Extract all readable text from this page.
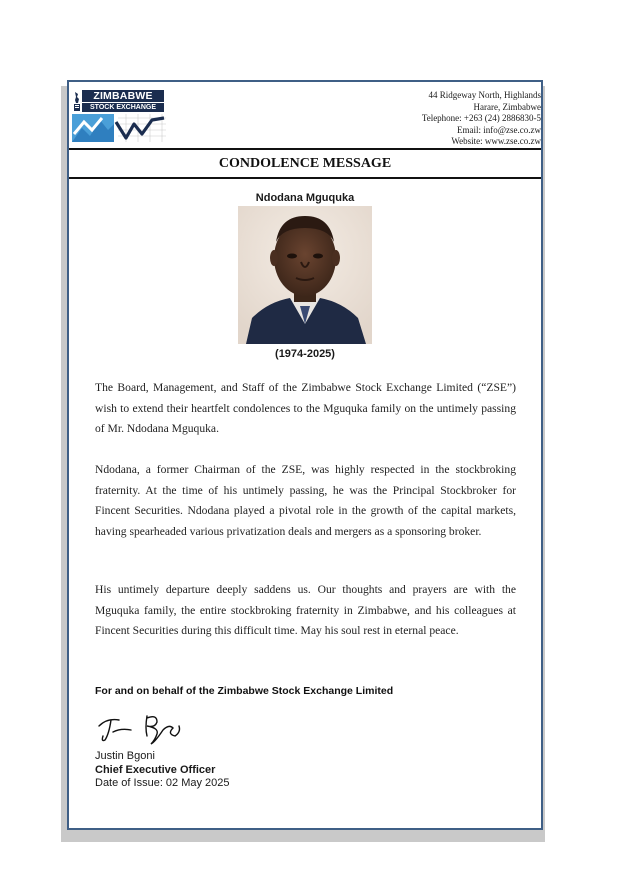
ZIMBABWE
STOCK EXCHANGE
44 Ridgeway North, Highlands
Harare, Zimbabwe
Telephone: +263 (24) 2886830-5
Email: info@zse.co.zw
Website: www.zse.co.zw
CONDOLENCE MESSAGE
Ndodana Mguquka
(1974-2025)
The Board, Management, and Staff of the Zimbabwe Stock Exchange Limited (“ZSE”) wish to extend their heartfelt condolences to the Mguquka family on the untimely passing of Mr. Ndodana Mguquka.
Ndodana, a former Chairman of the ZSE, was highly respected in the stockbroking fraternity. At the time of his untimely passing, he was the Principal Stockbroker for Fincent Securities. Ndodana played a pivotal role in the growth of the capital markets, having spearheaded various privatization deals and mergers as a sponsoring broker.
His untimely departure deeply saddens us. Our thoughts and prayers are with the Mguquka family, the entire stockbroking fraternity in Zimbabwe, and his colleagues at Fincent Securities during this difficult time. May his soul rest in eternal peace.
For and on behalf of the Zimbabwe Stock Exchange Limited
Justin Bgoni
Chief Executive Officer
Date of Issue: 02 May 2025
